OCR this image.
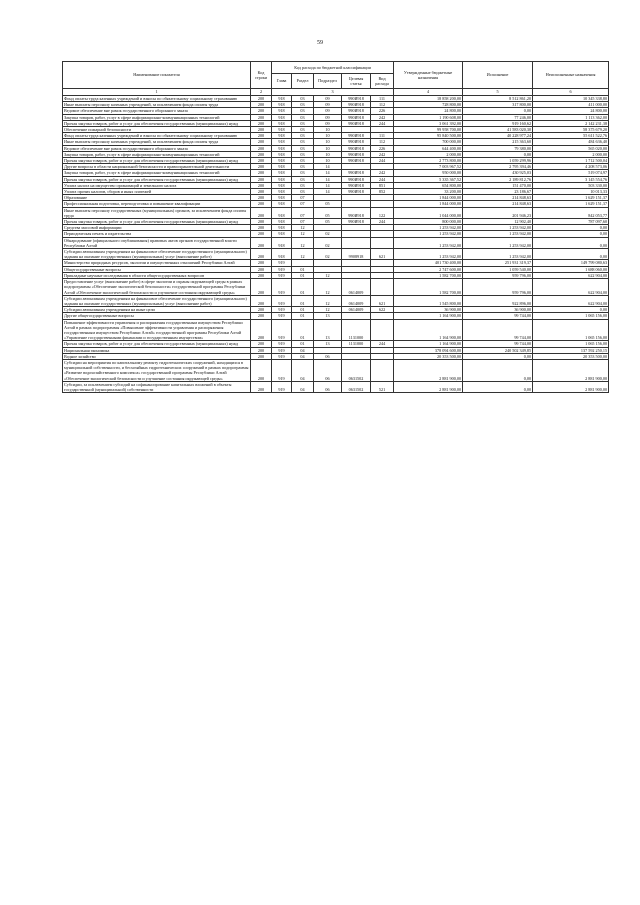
59
Наименование показателя	Код строки	Код расхода по бюджетной классификации					Утвержденные бюджетные назначения	Исполнение	Неисполненные назначения
		Глава	Раздел	Подраздел	Целевая статья	Вид расхода			
1	2	3					4	5	6
Фонд оплаты труда казенных учреждений и взносы по обязательному социальному страхованию	200	918	03	09	990И918	111	18 858 200,00	8 512 861,20	10 345 338,80
Иные выплаты персоналу казенных учреждений, за исключением фонда оплаты труда	200	918	03	09	990И918	112	728 800,00	317 800,00	411 000,00
Ведомое обеспечение вне рамок государственного оборонного заказа	200	918	03	09	990И918	226	24 800,00	0,00	24 800,00
Закупка товаров, работ, услуг в сфере информационно-коммуникационных технологий	200	918	03	09	990И918	242	1 190 608,00	77 246,00	1 113 362,00
Прочая закупка товаров, работ и услуг для обеспечения государственных (муниципальных) нужд	200	918	03	09	990И918	244	3 061 392,00	919 160,62	2 142 231,38
Обеспечение пожарной безопасности	200	918	03	10			99 958 700,00	41 583 020,30	58 375 679,20
Фонд оплаты труда казенных учреждений и взносы по обязательному социальному страхованию	200	918	03	10	990И918	111	95 840 500,00	40 228 977,24	55 611 522,76
Иные выплаты персоналу казенных учреждений, за исключением фонда оплаты труда	200	918	03	10	990И918	112	700 000,00	215 363,60	484 636,40
Ведомое обеспечение вне рамок государственного оборонного заказа	200	918	03	10	990И918	226	644 400,00	79 380,00	565 020,00
Закупка товаров, работ, услуг в сфере информационно-коммуникационных технологий	200	918	03	10	990И918	242	2 000,00	0,00	2 000,00
Прочая закупка товаров, работ и услуг для обеспечения государственных (муниципальных) нужд	200	918	03	10	990И918	244	2 773 800,00	1 059 299,96	1 712 500,04
Другие вопросы в области национальной безопасности и правоохранительной деятельности	200	918	03	14			7 003 967,52	2 795 394,46	4 208 573,06
Закупка товаров, работ, услуг в сфере информационно-коммуникационных технологий	200	918	03	14	990И918	242	950 000,00	430 925,03	519 074,97
Прочая закупка товаров, работ и услуг для обеспечения государственных (муниципальных) нужд	200	918	03	14	990И918	244	5 335 367,52	2 189 812,76	3 145 554,76
Уплата налога на имущество организаций и земельного налога	200	918	03	14	990И918	851	654 800,00	151 470,00	503 330,00
Уплата прочих налогов, сборов и иных платежей	200	918	03	14	990И918	852	33 200,00	23 186,67	10 013,33
Образование	200	918	07				1 844 000,00	214 848,63	1 629 151,37
Профессиональная подготовка, переподготовка и повышение квалификации	200	918	07	05			1 844 000,00	214 848,63	1 629 151,37
Иные выплаты персоналу государственных (муниципальных) органов, за исключением фонда оплаты труда	200	918	07	05	990И918	122	1 044 000,00	201 946,23	842 053,77
Прочая закупка товаров, работ и услуг для обеспечения государственных (муниципальных) нужд	200	918	07	05	990И918	244	800 000,00	12 902,40	787 097,60
Средства массовой информации	200	918	12				1 253 942,00	1 253 942,00	0,00
Периодическая печать и издательства	200	918	12	02			1 253 942,00	1 253 942,00	0,00
Обнародование (официального опубликования) правовых актов органов государственной власти Республики Алтай	200	918	12	02			1 253 942,00	1 253 942,00	0,00
Субсидии автономным учреждениям на финансовое обеспечение государственного (муниципального) задания на оказание государственных (муниципальных) услуг (выполнение работ)	200	918	12	02	9908918	621	1 253 942,00	1 253 942,00	0,00
Министерство природных ресурсов, экологии и имущественных отношений Республики Алтай	200	919					401 730 400,00	251 931 319,37	149 799 080,63
Общегосударственные вопросы	200	919	01				2 747 600,00	1 059 540,00	1 688 060,00
Прикладные научные исследования в области общегосударственных вопросов	200	919	01	12			1 582 700,00	959 796,00	622 904,00
Предоставление услуг (выполнение работ) в сфере экологии и охраны окружающей среды в рамках подпрограммы «Обеспечение экологической безопасности» государственной программы Республики Алтай «Обеспечение экологической безопасности и улучшение состояния окружающей среды»	200	919	01	12	0614009		1 582 700,00	959 796,00	622 904,00
Субсидии автономным учреждениям на финансовое обеспечение государственного (муниципального) задания на оказание государственных (муниципальных) услуг (выполнение работ)	200	919	01	12	0614009	621	1 545 800,00	922 896,00	622 904,00
Субсидии автономным учреждениям на иные цели	200	919	01	12	0614009	622	36 900,00	36 900,00	0,00
Другие общегосударственные вопросы	200	919	01	13			1 164 900,00	99 744,00	1 065 156,00
Повышение эффективности управления и распоряжения государственным имуществом Республики Алтай в рамках подпрограммы «Повышение эффективности управления и распоряжения государственным имуществом Республики Алтай» государственной программы Республики Алтай «Управление государственными финансами и государственным имуществом»	200	919	01	13	1131000		1 164 900,00	99 744,00	1 065 156,00
Прочая закупка товаров, работ и услуг для обеспечения государственных (муниципальных) нужд	200	919	01	13	1131000	244	1 164 900,00	99 744,00	1 065 156,00
Национальная экономика	200	919	04				378 094 600,00	240 502 349,85	137 592 250,15
Водное хозяйство	200	919	04	06			20 353 500,00	0,00	20 353 500,00
Субсидии на мероприятия по капитальному ремонту гидротехнических сооружений, находящихся в муниципальной собственности, и бесхозяйных гидротехнических сооружений в рамках подпрограммы «Развитие водохозяйственного комплекса» государственной программы Республики Алтай «Обеспечение экологической безопасности и улучшение состояния окружающей среды»	200	919	04	06	0631502		2 881 900,00	0,00	2 881 900,00
Субсидии, за исключением субсидий на софинансирование капитальных вложений в объекты государственной (муниципальной) собственности	200	919	04	06	0631502	521	2 881 900,00	0,00	2 881 900,00
